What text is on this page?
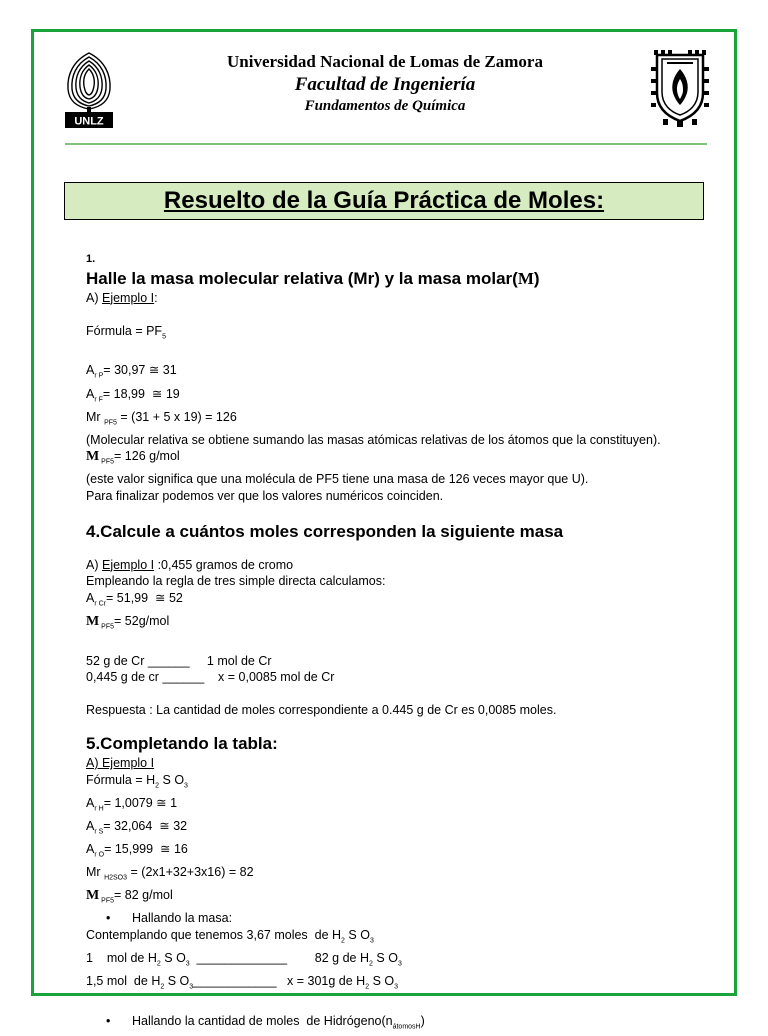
UNLZ
Universidad Nacional de Lomas de Zamora
Facultad de Ingeniería
Fundamentos de Química
Resuelto de la Guía Práctica de Moles:
1.
Halle la masa molecular relativa (Mr) y la masa molar(M)
A) Ejemplo I:

Fórmula = $PF_5$

$A_{r P}= 30,97$ ≅ 31
$A_{r F}= 18,99$  ≅ 19
Mr $_{PF5}$ = (31 + 5 x 19) = 126
(Molecular relativa se obtiene sumando las masas atómicas relativas de los átomos que la constituyen).
M $_{PF5}$= 126 g/mol
(este valor significa que una molécula de PF5 tiene una masa de 126 veces mayor que U).
Para finalizar podemos ver que los valores numéricos coinciden.
4.Calcule a cuántos moles corresponden la siguiente masa
A) Ejemplo I :0,455 gramos de cromo
Empleando la regla de tres simple directa calculamos:
$A_{r Cr}= 51,99$  ≅ 52
M $_{PF5}$= 52g/mol

52 g de Cr ______     1 mol de Cr
0,445 g de cr ______    x = 0,0085 mol de Cr

Respuesta : La cantidad de moles correspondiente a 0.445 g de Cr es 0,0085 moles.
5.Completando la tabla:
A) Ejemplo I
Fórmula = $H_2$ S $O_3$
$A_{r H}= 1,0079$ ≅ 1
$A_{r S}= 32,064$  ≅ 32
$A_{r O}= 15,999$  ≅ 16
Mr $_{H2SO3}$ = (2x1+32+3x16) = 82
M $_{PF5}$= 82 g/mol
• Hallando la masa:
Contemplando que tenemos 3,67 moles  de $H_2$ S $O_3$
1    mol de $H_2$ S $O_3$  _____________        82 g de $H_2$ S $O_3$
1,5 mol  de $H_2$ S $O_3\_\_\_\_\_\_\_\_\_\_\_\_$   x = 301g de $H_2$ S $O_3$

• Hallando la cantidad de moles  de $Hidrógeno(n_{átomosH})$
